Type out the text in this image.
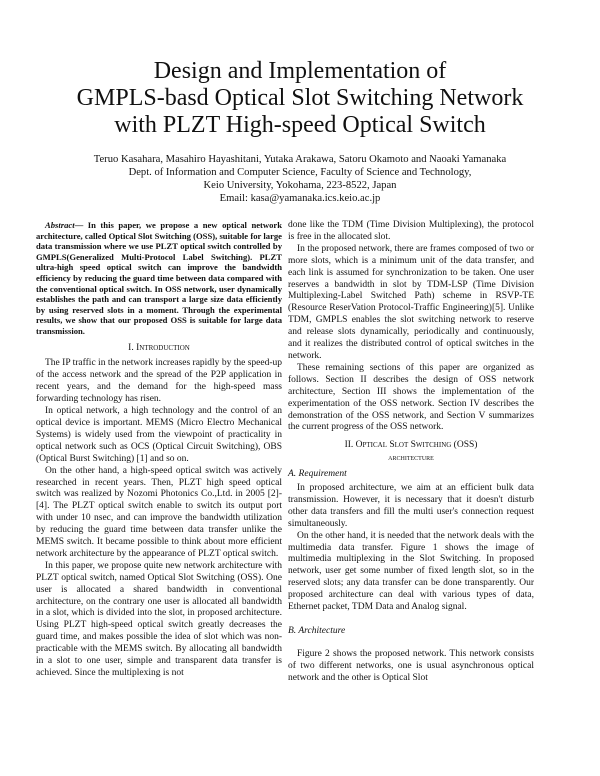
Design and Implementation of
GMPLS-basd Optical Slot Switching Network
with PLZT High-speed Optical Switch
Teruo Kasahara, Masahiro Hayashitani, Yutaka Arakawa, Satoru Okamoto and Naoaki Yamanaka
Dept. of Information and Computer Science, Faculty of Science and Technology,
Keio University, Yokohama, 223-8522, Japan
Email: kasa@yamanaka.ics.keio.ac.jp

Abstract— In this paper, we propose a new optical network architecture, called Optical Slot Switching (OSS), suitable for large data transmission where we use PLZT optical switch controlled by GMPLS(Generalized Multi-Protocol Label Switching). PLZT ultra-high speed optical switch can improve the bandwidth efficiency by reducing the guard time between data compared with the conventional optical switch. In OSS network, user dynamically establishes the path and can transport a large size data efficiently by using reserved slots in a moment. Through the experimental results, we show that our proposed OSS is suitable for large data transmission.

I. Introduction

The IP traffic in the network increases rapidly by the speed-up of the access network and the spread of the P2P application in recent years, and the demand for the high-speed mass forwarding technology has risen.

In optical network, a high technology and the control of an optical device is important. MEMS (Micro Electro Mechanical Systems) is widely used from the viewpoint of practicality in optical network such as OCS (Optical Circuit Switching), OBS (Optical Burst Switching) [1] and so on.

On the other hand, a high-speed optical switch was actively researched in recent years. Then, PLZT high speed optical switch was realized by Nozomi Photonics Co.,Ltd. in 2005 [2]-[4]. The PLZT optical switch enable to switch its output port with under 10 nsec, and can improve the bandwidth utilization by reducing the guard time between data transfer unlike the MEMS switch. It became possible to think about more efficient network architecture by the appearance of PLZT optical switch.

In this paper, we propose quite new network architecture with PLZT optical switch, named Optical Slot Switching (OSS). One user is allocated a shared bandwidth in conventional architecture, on the contrary one user is allocated all bandwidth in a slot, which is divided into the slot, in proposed architecture. Using PLZT high-speed optical switch greatly decreases the guard time, and makes possible the idea of slot which was non-practicable with the MEMS switch. By allocating all bandwidth in a slot to one user, simple and transparent data transfer is achieved. Since the multiplexing is not

done like the TDM (Time Division Multiplexing), the protocol is free in the allocated slot.

In the proposed network, there are frames composed of two or more slots, which is a minimum unit of the data transfer, and each link is assumed for synchronization to be taken. One user reserves a bandwidth in slot by TDM-LSP (Time Division Multiplexing-Label Switched Path) scheme in RSVP-TE (Resource ReserVation Protocol-Traffic Engineering)[5]. Unlike TDM, GMPLS enables the slot switching network to reserve and release slots dynamically, periodically and continuously, and it realizes the distributed control of optical switches in the network.

These remaining sections of this paper are organized as follows. Section II describes the design of OSS network architecture, Section III shows the implementation of the experimentation of the OSS network. Section IV describes the demonstration of the OSS network, and Section V summarizes the current progress of the OSS network.

II. Optical Slot Switching (OSS)
architecture

A. Requirement

In proposed architecture, we aim at an efficient bulk data transmission. However, it is necessary that it doesn't disturb other data transfers and fill the multi user's connection request simultaneously.

On the other hand, it is needed that the network deals with the multimedia data transfer. Figure 1 shows the image of multimedia multiplexing in the Slot Switching. In proposed network, user get some number of fixed length slot, so in the reserved slots; any data transfer can be done transparently. Our proposed architecture can deal with various types of data, Ethernet packet, TDM Data and Analog signal.

B. Architecture

Figure 2 shows the proposed network. This network consists of two different networks, one is usual asynchronous optical network and the other is Optical Slot
